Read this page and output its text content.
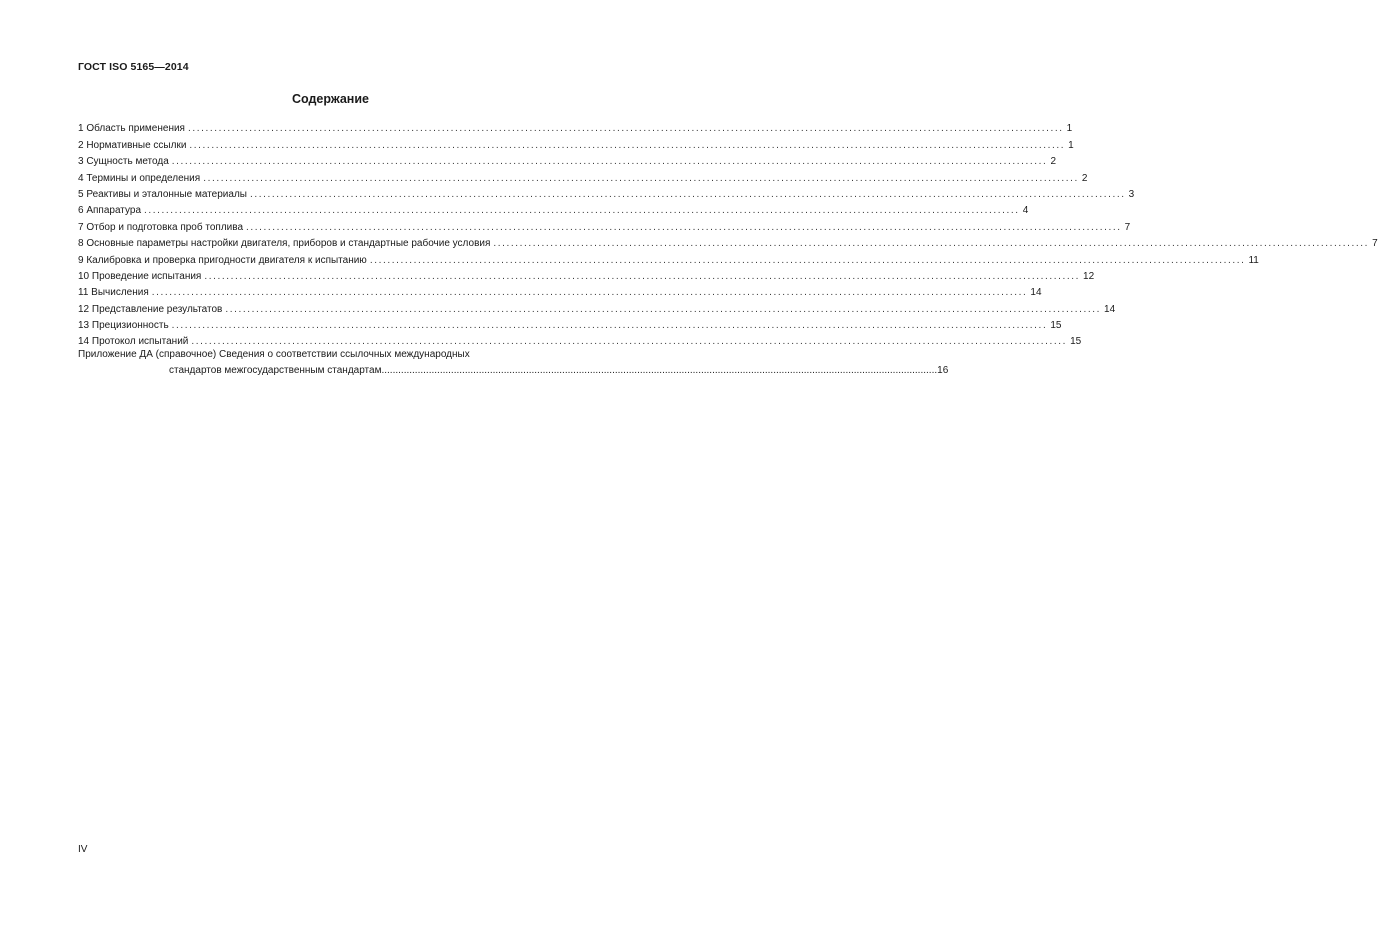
ГОСТ ISO 5165—2014
Содержание
1 Область применения ........................................................................................................................................................................................................ 1
2 Нормативные ссылки ........................................................................................................................................................................................................ 1
3 Сущность метода ........................................................................................................................................................................................................ 2
4 Термины и определения ........................................................................................................................................................................................................ 2
5 Реактивы и эталонные материалы ........................................................................................................................................................................................................ 3
6 Аппаратура ........................................................................................................................................................................................................ 4
7 Отбор и подготовка проб топлива ........................................................................................................................................................................................................ 7
8 Основные параметры настройки двигателя, приборов и стандартные рабочие условия ........................................................................................................................................................................................................ 7
9 Калибровка и проверка пригодности двигателя к испытанию ........................................................................................................................................................................................................ 11
10 Проведение испытания ........................................................................................................................................................................................................ 12
11 Вычисления ........................................................................................................................................................................................................ 14
12 Представление результатов ........................................................................................................................................................................................................ 14
13 Прецизионность ........................................................................................................................................................................................................ 15
14 Протокол испытаний ........................................................................................................................................................................................................ 15
Приложение ДА (справочное) Сведения о соответствии ссылочных международных
стандартов межгосударственным стандартам ........................................................................................................................................................................................................ 16
IV
